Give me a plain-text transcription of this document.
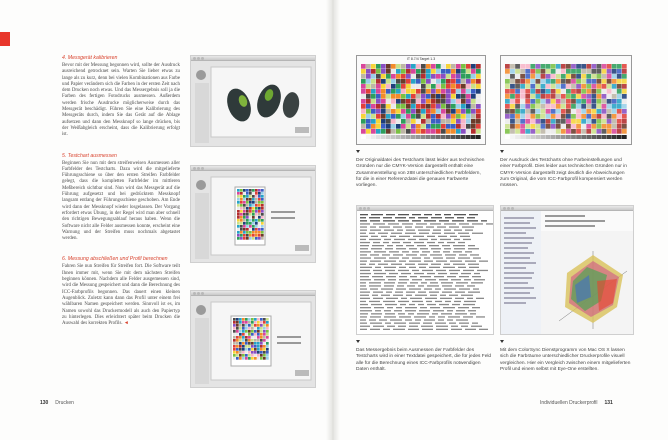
4. Messgerät kalibrieren
Bevor mit der Messung begonnen wird, sollte der Ausdruck ausreichend getrocknet sein. Warten Sie lieber etwas zu lange als zu kurz, denn bei vielen Kombinationen aus Farbe und Papier verändern sich die Farben in der ersten Zeit nach dem Drucken noch etwas. Und das Messergebnis soll ja die Farben des fertigen Fotodrucks ausmessen. Außerdem werden frische Ausdrucke möglicherweise durch das Messgerät beschädigt. Führen Sie eine Kalibrierung des Messgeräts durch, indem Sie das Gerät auf die Ablage aufsetzen und dann den Messknopf so lange drücken, bis der Weißabgleich erscheint, dass die Kalibrierung erfolgt ist.
5. Testchart ausmessen
Beginnen Sie nun mit dem streifenweisen Ausmessen aller Farbfelder des Testcharts. Dazu wird die mitgelieferte Führungsschiene so über den ersten Streifen Farbfelder gelegt, dass die kompletten Farbfelder im mittleren Meßbereich sichtbar sind. Nun wird das Messgerät auf die Führung aufgesetzt und bei gedrücktem Messknopf langsam entlang der Führungsschiene geschoben. Am Ende wird dann der Messknopf wieder losgelassen. Der Vorgang erfordert etwas Übung, in der Regel wird man aber schnell den richtigen Bewegungsablauf heraus haben. Wenn die Software nicht alle Felder ausmessen konnte, erscheint eine Warnung und der Streifen muss nochmals abgetastet werden.
6. Messung abschließen und Profil berechnen
Fahren Sie nun Streifen für Streifen fort. Die Software teilt Ihnen immer mit, wenn Sie mit dem nächsten Streifen beginnen können. Nachdem alle Felder ausgemessen sind, wird die Messung gespeichert und dann die Berechnung des ICC-Farbprofils begonnen. Das dauert einen kleinen Augenblick. Zuletzt kann dann das Profil unter einem frei wählbaren Namen gespeichert werden. Sinnvoll ist es, im Namen sowohl das Druckermodell als auch den Papiertyp zu hinterlegen. Dies erleichtert später beim Drucken die Auswahl des korrekten Profils. ◄
130 Drucken
IT 8.7/4 Target 1.3
Der Originaldatei des Testcharts lässt leider aus technischen Gründen nur die CMYK-Version dargestellt enthält eine Zusammenstellung von 288 unterschiedlichen Farbfeldern, für die in einer Referenzdatei die genauen Farbwerte vorliegen.
Der Ausdruck des Testcharts ohne Farbeinstellungen und einer Farbprofil. Dies leider aus technischen Gründen nur in CMYK-Version dargestellt zeigt deutlich die Abweichungen zum Original, die vom ICC-Farbprofil kompensiert werden müssen.
Das Messergebnis beim Ausmessen der Farbfelder des Testcharts wird in einer Textdatei gespeichert, die für jedes Feld alle für die Berechnung eines ICC-Farbprofils notwendigen Daten enthält.
Mit dem ColorSync Dienstprogramm von Mac OS X lassen sich die Farbräume unterschiedlicher Druckerprofile visuell vergleichen. Hier ein Vergleich zwischen einem mitgelieferten Profil und einem selbst mit Eye-One erstellten.
Individuellen Druckerprofil 131
